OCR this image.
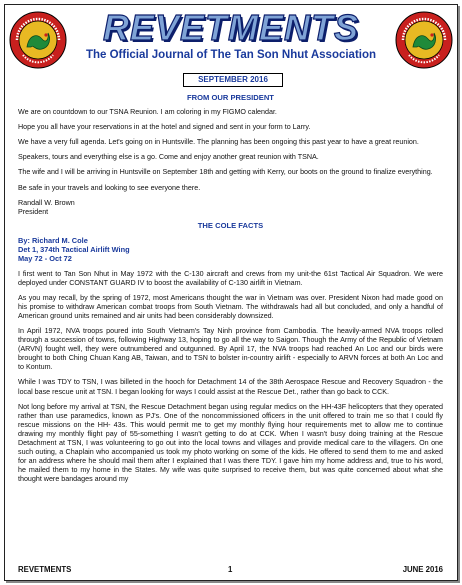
REVETMENTS
The Official Journal of The Tan Son Nhut Association
SEPTEMBER 2016
FROM OUR PRESIDENT

We are on countdown to our TSNA Reunion. I am coloring in my FIGMO calendar.

Hope you all have your reservations in at the hotel and signed and sent in your form to Larry.

We have a very full agenda. Let's going on in Huntsville. The planning has been ongoing this past year to have a great reunion.

Speakers, tours and everything else is a go. Come and enjoy another great reunion with TSNA.

The wife and I will be arriving in Huntsville on September 18th and getting with Kerry, our boots on the ground to finalize everything.

Be safe in your travels and looking to see everyone there.

Randall W. Brown

President

THE COLE FACTS
By: Richard M. Cole
Det 1, 374th Tactical Airlift Wing
May 72 - Oct 72

I first went to Tan Son Nhut in May 1972 with the C-130 aircraft and crews from my unit-the 61st Tactical Air Squadron. We were deployed under CONSTANT GUARD IV to boost the availability of C-130 airlift in Vietnam.

As you may recall, by the spring of 1972, most Americans thought the war in Vietnam was over. President Nixon had made good on his promise to withdraw American combat troops from South Vietnam. The withdrawals had all but concluded, and only a handful of American ground units remained and air units had been considerably downsized.

In April 1972, NVA troops poured into South Vietnam's Tay Ninh province from Cambodia. The heavily-armed NVA troops rolled through a succession of towns, following Highway 13, hoping to go all the way to Saigon. Though the Army of the Republic of Vietnam (ARVN) fought well, they were outnumbered and outgunned. By April 17, the NVA troops had reached An Loc and our birds were brought to both Ching Chuan Kang AB, Taiwan, and to TSN to bolster in-country airlift - especially to ARVN forces at both An Loc and to Kontum.

While I was TDY to TSN, I was billeted in the hooch for Detachment 14 of the 38th Aerospace Rescue and Recovery Squadron - the local base rescue unit at TSN. I began looking for ways I could assist at the Rescue Det., rather than go back to CCK.

Not long before my arrival at TSN, the Rescue Detachment began using regular medics on the HH-43F helicopters that they operated rather than use paramedics, known as PJ's. One of the noncommissioned officers in the unit offered to train me so that I could fly rescue missions on the HH- 43s. This would permit me to get my monthly flying hour requirements met to allow me to continue drawing my monthly flight pay of 55-something I wasn't getting to do at CCK. When I wasn't busy doing training at the Rescue Detachment at TSN, I was volunteering to go out into the local towns and villages and provide medical care to the villagers. On one such outing, a Chaplain who accompanied us took my photo working on some of the kids. He offered to send them to me and asked for an address where he should mail them after I explained that I was there TDY. I gave him my home address and, true to his word, he mailed them to my home in the States. My wife was quite surprised to receive them, but was quite concerned about what she thought were bandages around my

REVETMENTS	1	JUNE 2016
